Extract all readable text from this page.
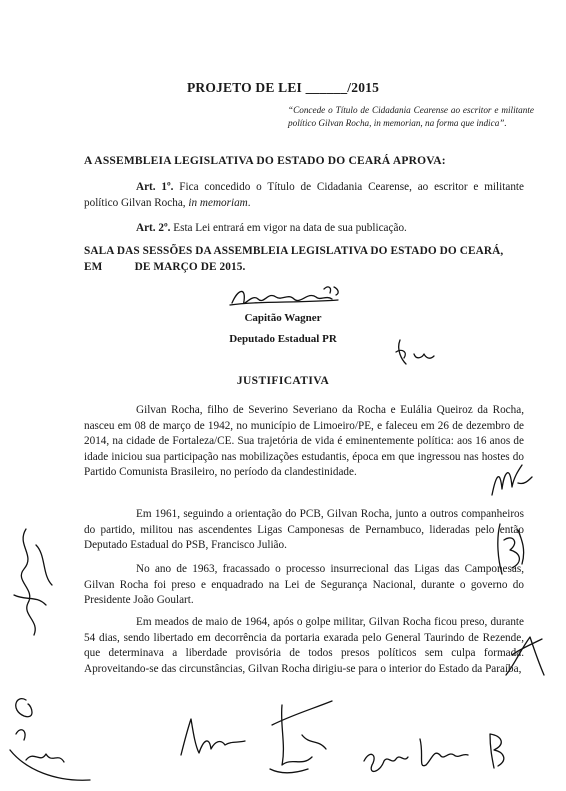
PROJETO DE LEI ______/2015
“Concede o Título de Cidadania Cearense ao escritor e militante político Gilvan Rocha, in memorian, na forma que indica”.
A ASSEMBLEIA LEGISLATIVA DO ESTADO DO CEARÁ APROVA:
Art. 1º. Fica concedido o Título de Cidadania Cearense, ao escritor e militante político Gilvan Rocha, in memoriam.
Art. 2º. Esta Lei entrará em vigor na data de sua publicação.
SALA DAS SESSÕES DA ASSEMBLEIA LEGISLATIVA DO ESTADO DO CEARÁ, EM           DE MARÇO DE 2015.
Capitão Wagner
Deputado Estadual PR
JUSTIFICATIVA
Gilvan Rocha, filho de Severino Severiano da Rocha e Eulália Queiroz da Rocha, nasceu em 08 de março de 1942, no município de Limoeiro/PE, e faleceu em 26 de dezembro de 2014, na cidade de Fortaleza/CE. Sua trajetória de vida é eminentemente política: aos 16 anos de idade iniciou sua participação nas mobilizações estudantis, época em que ingressou nas hostes do Partido Comunista Brasileiro, no período da clandestinidade.
Em 1961, seguindo a orientação do PCB, Gilvan Rocha, junto a outros companheiros do partido, militou nas ascendentes Ligas Camponesas de Pernambuco, lideradas pelo então Deputado Estadual do PSB, Francisco Julião.
No ano de 1963, fracassado o processo insurrecional das Ligas das Camponesas, Gilvan Rocha foi preso e enquadrado na Lei de Segurança Nacional, durante o governo do Presidente João Goulart.
Em meados de maio de 1964, após o golpe militar, Gilvan Rocha ficou preso, durante 54 dias, sendo libertado em decorrência da portaria exarada pelo General Taurindo de Rezende, que determinava a liberdade provisória de todos presos políticos sem culpa formada. Aproveitando-se das circunstâncias, Gilvan Rocha dirigiu-se para o interior do Estado da Paraíba,
